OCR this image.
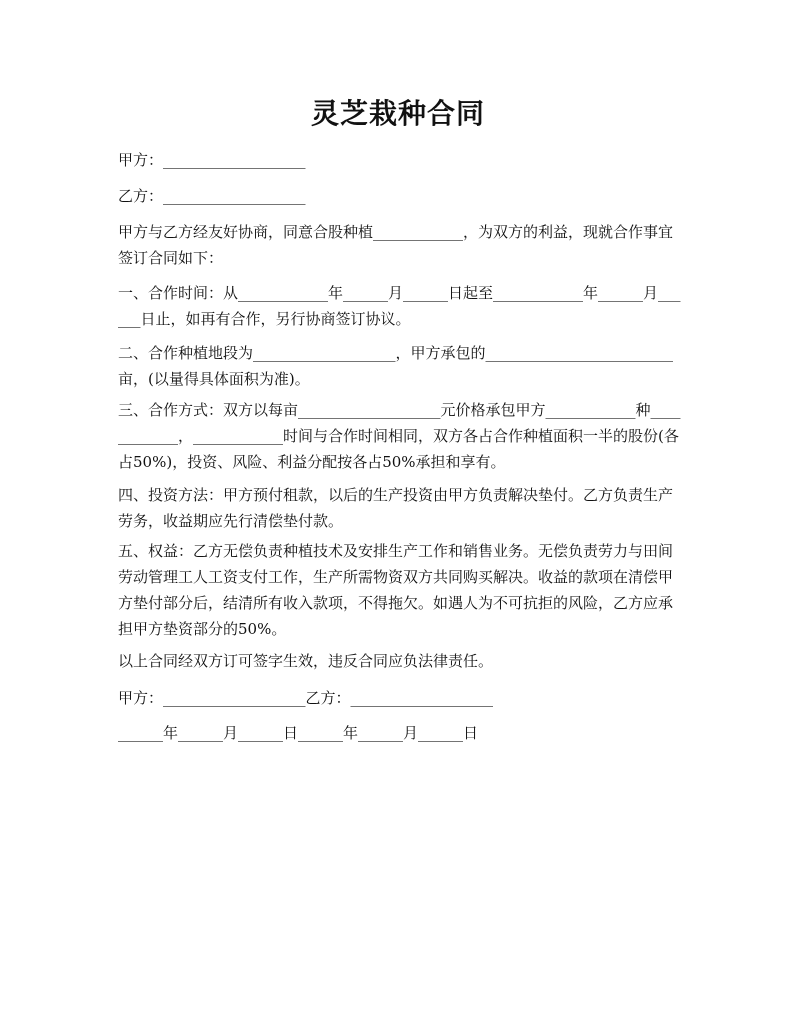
灵芝栽种合同

甲方：___________________

乙方：___________________

甲方与乙方经友好协商，同意合股种植____________，为双方的利益，现就合作事宜签订合同如下：

一、合作时间：从____________年______月______日起至____________年______月______日止，如再有合作，另行协商签订协议。

二、合作种植地段为___________________，甲方承包的_________________________亩，(以量得具体面积为准)。

三、合作方式：双方以每亩___________________元价格承包甲方____________种____________，____________时间与合作时间相同，双方各占合作种植面积一半的股份(各占50%)，投资、风险、利益分配按各占50%承担和享有。

四、投资方法：甲方预付租款，以后的生产投资由甲方负责解决垫付。乙方负责生产劳务，收益期应先行清偿垫付款。

五、权益：乙方无偿负责种植技术及安排生产工作和销售业务。无偿负责劳力与田间劳动管理工人工资支付工作，生产所需物资双方共同购买解决。收益的款项在清偿甲方垫付部分后，结清所有收入款项，不得拖欠。如遇人为不可抗拒的风险，乙方应承担甲方垫资部分的50%。

以上合同经双方订可签字生效，违反合同应负法律责任。

甲方：___________________乙方：___________________

______年______月______日______年______月______日
